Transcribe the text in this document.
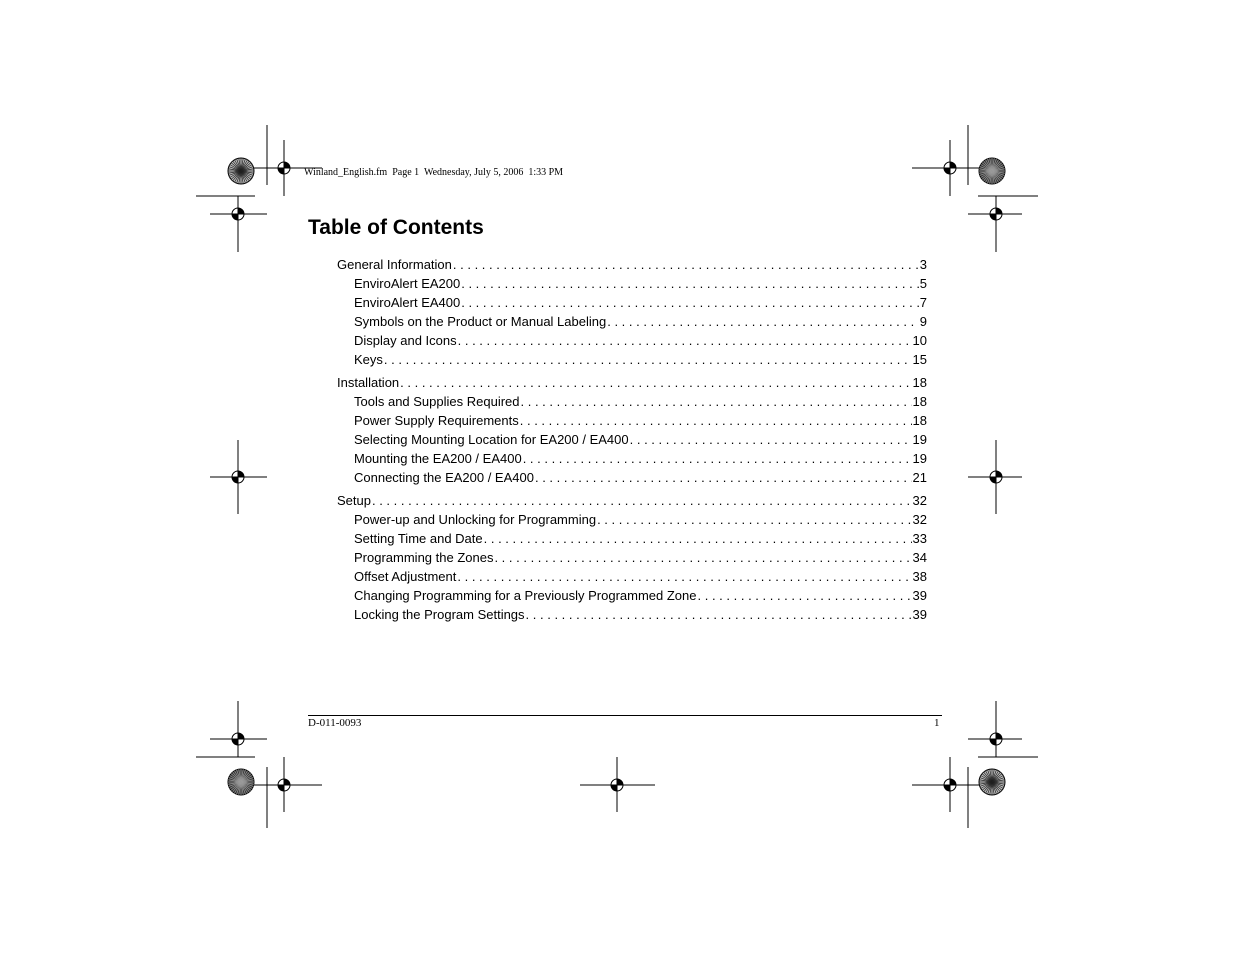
Winland_English.fm  Page 1  Wednesday, July 5, 2006  1:33 PM
Table of Contents
General Information . . .	3
EnviroAlert EA200 . . .	5
EnviroAlert EA400 . . .	7
Symbols on the Product or Manual Labeling . . .	9
Display and Icons . . .	10
Keys . . .	15
Installation . . .	18
Tools and Supplies Required . . .	18
Power Supply Requirements . . .	18
Selecting Mounting Location for EA200 / EA400 . . .	19
Mounting the EA200 / EA400 . . .	19
Connecting the EA200 / EA400 . . .	21
Setup . . .	32
Power-up and Unlocking for Programming . . .	32
Setting Time and Date . . .	33
Programming the Zones . . .	34
Offset Adjustment . . .	38
Changing Programming for a Previously Programmed Zone . . .	39
Locking the Program Settings . . .	39
D-011-0093	1
